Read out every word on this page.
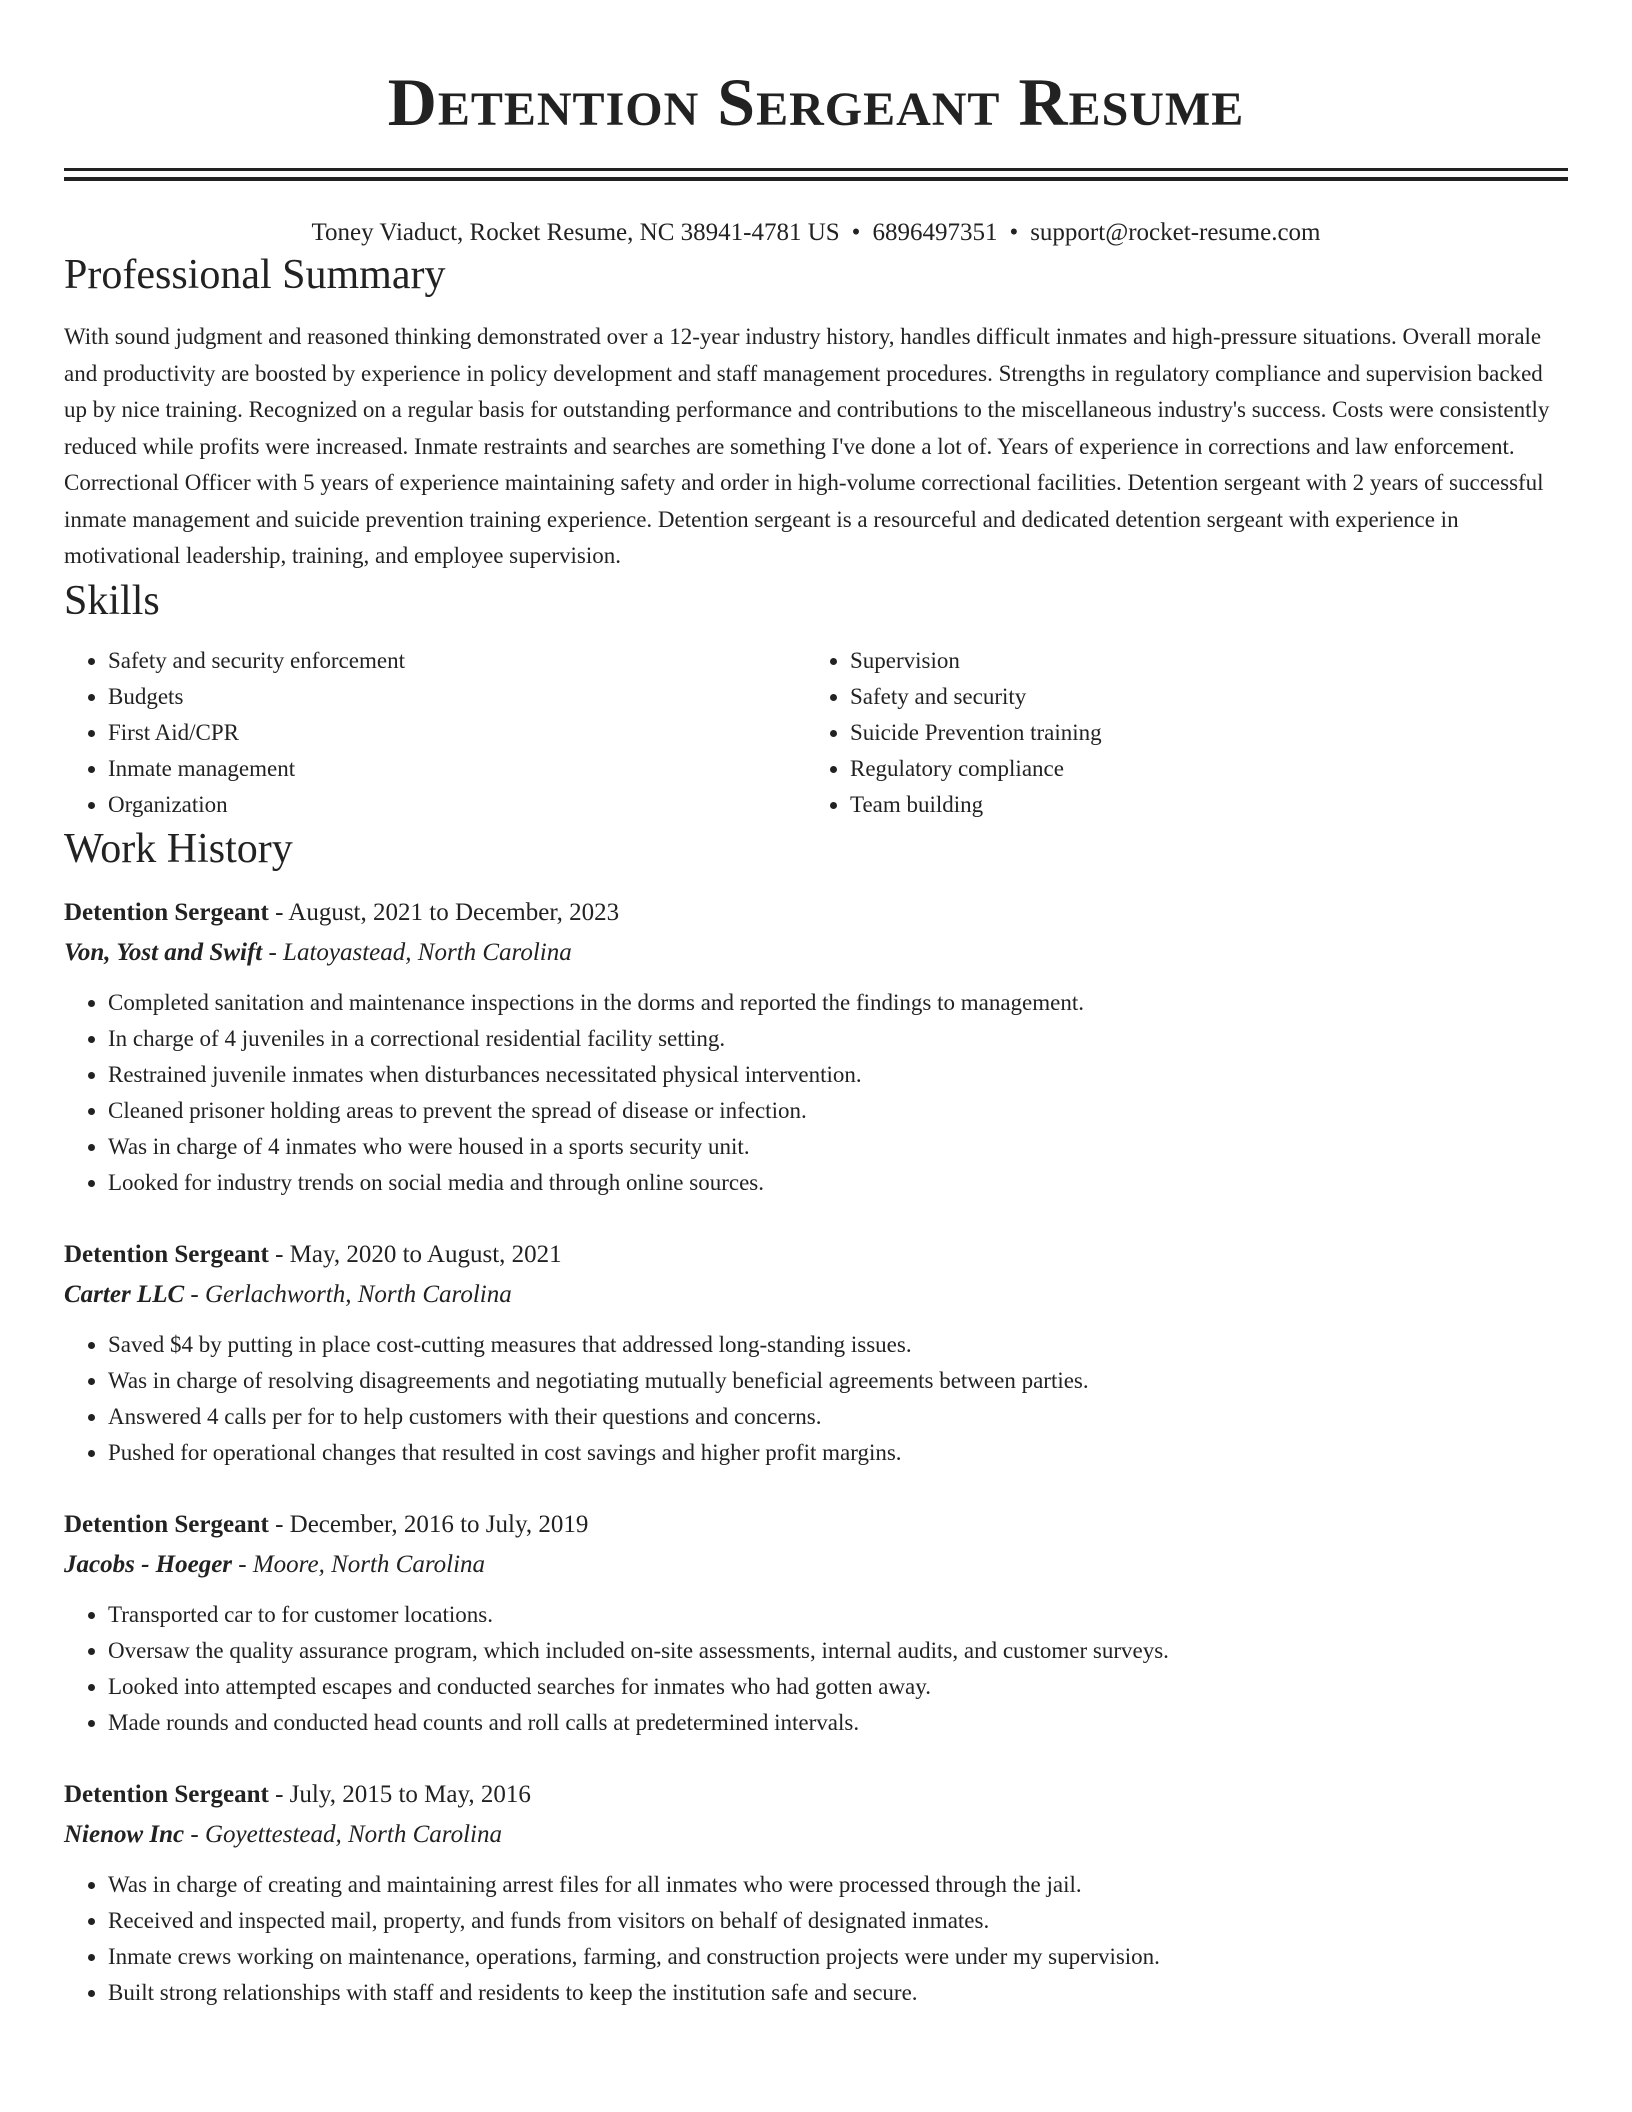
Detention Sergeant Resume
Toney Viaduct, Rocket Resume, NC 38941-4781 US • 6896497351 • support@rocket-resume.com
Professional Summary

With sound judgment and reasoned thinking demonstrated over a 12-year industry history, handles difficult inmates and high-pressure situations. Overall morale and productivity are boosted by experience in policy development and staff management procedures. Strengths in regulatory compliance and supervision backed up by nice training. Recognized on a regular basis for outstanding performance and contributions to the miscellaneous industry's success. Costs were consistently reduced while profits were increased. Inmate restraints and searches are something I've done a lot of. Years of experience in corrections and law enforcement. Correctional Officer with 5 years of experience maintaining safety and order in high-volume correctional facilities. Detention sergeant with 2 years of successful inmate management and suicide prevention training experience. Detention sergeant is a resourceful and dedicated detention sergeant with experience in motivational leadership, training, and employee supervision.

Skills
• Safety and security enforcement
• Budgets
• First Aid/CPR
• Inmate management
• Organization
• Supervision
• Safety and security
• Suicide Prevention training
• Regulatory compliance
• Team building
Work History
Detention Sergeant - August, 2021 to December, 2023
Von, Yost and Swift - Latoyastead, North Carolina
• Completed sanitation and maintenance inspections in the dorms and reported the findings to management.
• In charge of 4 juveniles in a correctional residential facility setting.
• Restrained juvenile inmates when disturbances necessitated physical intervention.
• Cleaned prisoner holding areas to prevent the spread of disease or infection.
• Was in charge of 4 inmates who were housed in a sports security unit.
• Looked for industry trends on social media and through online sources.
Detention Sergeant - May, 2020 to August, 2021
Carter LLC - Gerlachworth, North Carolina
• Saved $4 by putting in place cost-cutting measures that addressed long-standing issues.
• Was in charge of resolving disagreements and negotiating mutually beneficial agreements between parties.
• Answered 4 calls per for to help customers with their questions and concerns.
• Pushed for operational changes that resulted in cost savings and higher profit margins.
Detention Sergeant - December, 2016 to July, 2019
Jacobs - Hoeger - Moore, North Carolina
• Transported car to for customer locations.
• Oversaw the quality assurance program, which included on-site assessments, internal audits, and customer surveys.
• Looked into attempted escapes and conducted searches for inmates who had gotten away.
• Made rounds and conducted head counts and roll calls at predetermined intervals.
Detention Sergeant - July, 2015 to May, 2016
Nienow Inc - Goyettestead, North Carolina
• Was in charge of creating and maintaining arrest files for all inmates who were processed through the jail.
• Received and inspected mail, property, and funds from visitors on behalf of designated inmates.
• Inmate crews working on maintenance, operations, farming, and construction projects were under my supervision.
• Built strong relationships with staff and residents to keep the institution safe and secure.
